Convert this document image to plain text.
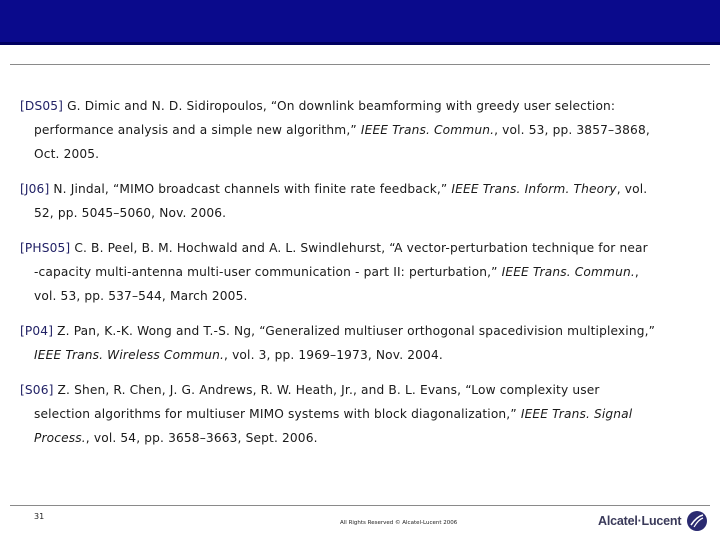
[DS05] G. Dimic and N. D. Sidiropoulos, “On downlink beamforming with greedy user selection:
performance analysis and a simple new algorithm,” IEEE Trans. Commun., vol. 53, pp. 3857–3868,
Oct. 2005.
[J06] N. Jindal, “MIMO broadcast channels with finite rate feedback,” IEEE Trans. Inform. Theory, vol.
52, pp. 5045–5060, Nov. 2006.
[PHS05] C. B. Peel, B. M. Hochwald and A. L. Swindlehurst, “A vector-perturbation technique for near
-capacity multi-antenna multi-user communication - part II: perturbation,” IEEE Trans. Commun.,
vol. 53, pp. 537–544, March 2005.
[P04] Z. Pan, K.-K. Wong and T.-S. Ng, “Generalized multiuser orthogonal spacedivision multiplexing,”
IEEE Trans. Wireless Commun., vol. 3, pp. 1969–1973, Nov. 2004.
[S06] Z. Shen, R. Chen, J. G. Andrews, R. W. Heath, Jr., and B. L. Evans, “Low complexity user
selection algorithms for multiuser MIMO systems with block diagonalization,” IEEE Trans. Signal
Process., vol. 54, pp. 3658–3663, Sept. 2006.
31
All Rights Reserved © Alcatel-Lucent 2006	Alcatel·Lucent
